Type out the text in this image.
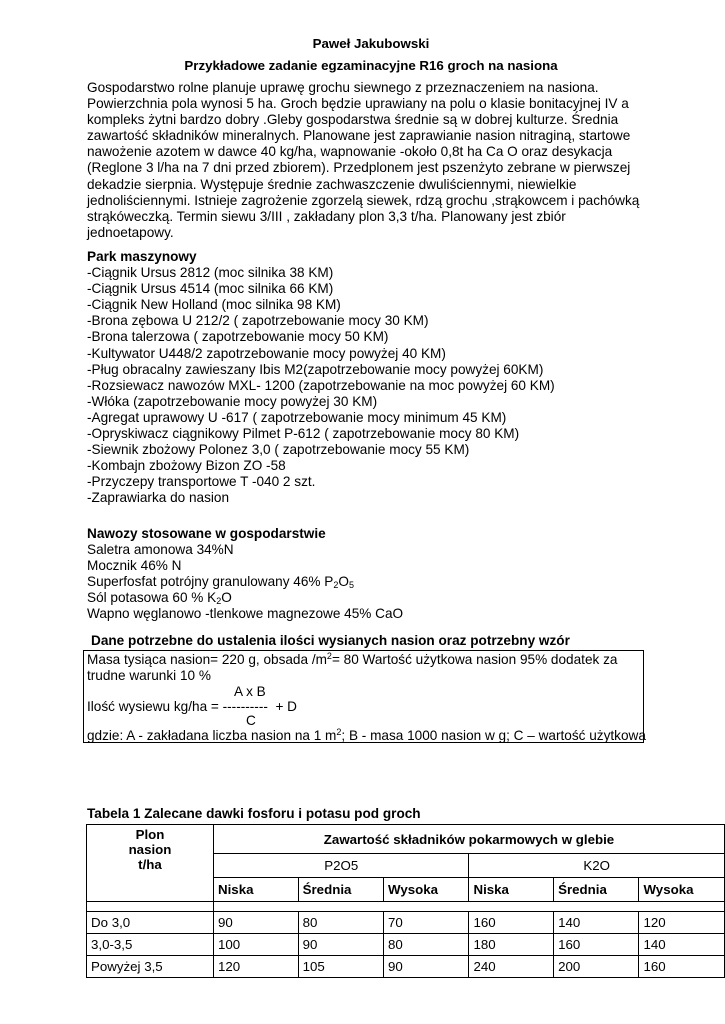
Paweł Jakubowski
Przykładowe zadanie egzaminacyjne R16 groch na nasiona
Gospodarstwo rolne planuje uprawę grochu siewnego z przeznaczeniem na nasiona.
Powierzchnia pola wynosi 5 ha. Groch będzie uprawiany na polu o klasie bonitacyjnej IV a
kompleks żytni bardzo dobry .Gleby gospodarstwa średnie są w dobrej kulturze. Średnia
zawartość składników mineralnych. Planowane jest zaprawianie nasion nitraginą, startowe
nawożenie azotem w dawce 40 kg/ha, wapnowanie -około 0,8t ha Ca O oraz desykacja
(Reglone 3 l/ha na 7 dni przed zbiorem). Przedplonem jest pszenżyto zebrane w pierwszej
dekadzie sierpnia. Występuje średnie zachwaszczenie dwuliściennymi, niewielkie
jednoliściennymi. Istnieje zagrożenie zgorzelą siewek, rdzą grochu ,strąkowcem i pachówką
strąkóweczką. Termin siewu 3/III , zakładany plon 3,3 t/ha. Planowany jest zbiór
jednoetapowy.
Park maszynowy
-Ciągnik Ursus 2812 (moc silnika 38 KM)
-Ciągnik Ursus 4514 (moc silnika 66 KM)
-Ciągnik New Holland (moc silnika 98 KM)
-Brona zębowa U 212/2 ( zapotrzebowanie mocy 30 KM)
-Brona talerzowa ( zapotrzebowanie mocy 50 KM)
-Kultywator U448/2 zapotrzebowanie mocy powyżej 40 KM)
-Pług obracalny zawieszany Ibis M2(zapotrzebowanie mocy powyżej 60KM)
-Rozsiewacz nawozów MXL- 1200 (zapotrzebowanie na moc powyżej 60 KM)
-Włóka (zapotrzebowanie mocy powyżej 30 KM)
-Agregat uprawowy U -617 ( zapotrzebowanie mocy minimum 45 KM)
-Opryskiwacz ciągnikowy Pilmet P-612 ( zapotrzebowanie mocy 80 KM)
-Siewnik zbożowy Polonez 3,0 ( zapotrzebowanie mocy 55 KM)
-Kombajn zbożowy Bizon ZO -58
-Przyczepy transportowe T -040 2 szt.
-Zaprawiarka do nasion
Nawozy stosowane w gospodarstwie
Saletra amonowa 34%N
Mocznik 46% N
Superfosfat potrójny granulowany 46% $P_2O_5$
Sól potasowa 60 % $K_2O$
Wapno węglanowo -tlenkowe magnezowe 45% CaO
Dane potrzebne do ustalenia ilości wysianych nasion oraz potrzebny wzór
Masa tysiąca nasion= 220 g, obsada $/m^2= 80$ Wartość użytkowa nasion 95% dodatek za
trudne warunki 10 %
A x B
Ilość wysiewu kg/ha = ---------- + D
C
gdzie: A - zakładana liczba nasion na 1 $m^2$; B - masa 1000 nasion w g; C – wartość użytkowa
Tabela 1 Zalecane dawki fosforu i potasu pod groch
Plon
nasion
t/ha	Zawartość składników pokarmowych w glebie					
	P2O5			K2O		
	Niska	Średnia	Wysoka	Niska	Średnia	Wysoka

Do 3,0	90	80	70	160	140	120
3,0-3,5	100	90	80	180	160	140
Powyżej 3,5	120	105	90	240	200	160
